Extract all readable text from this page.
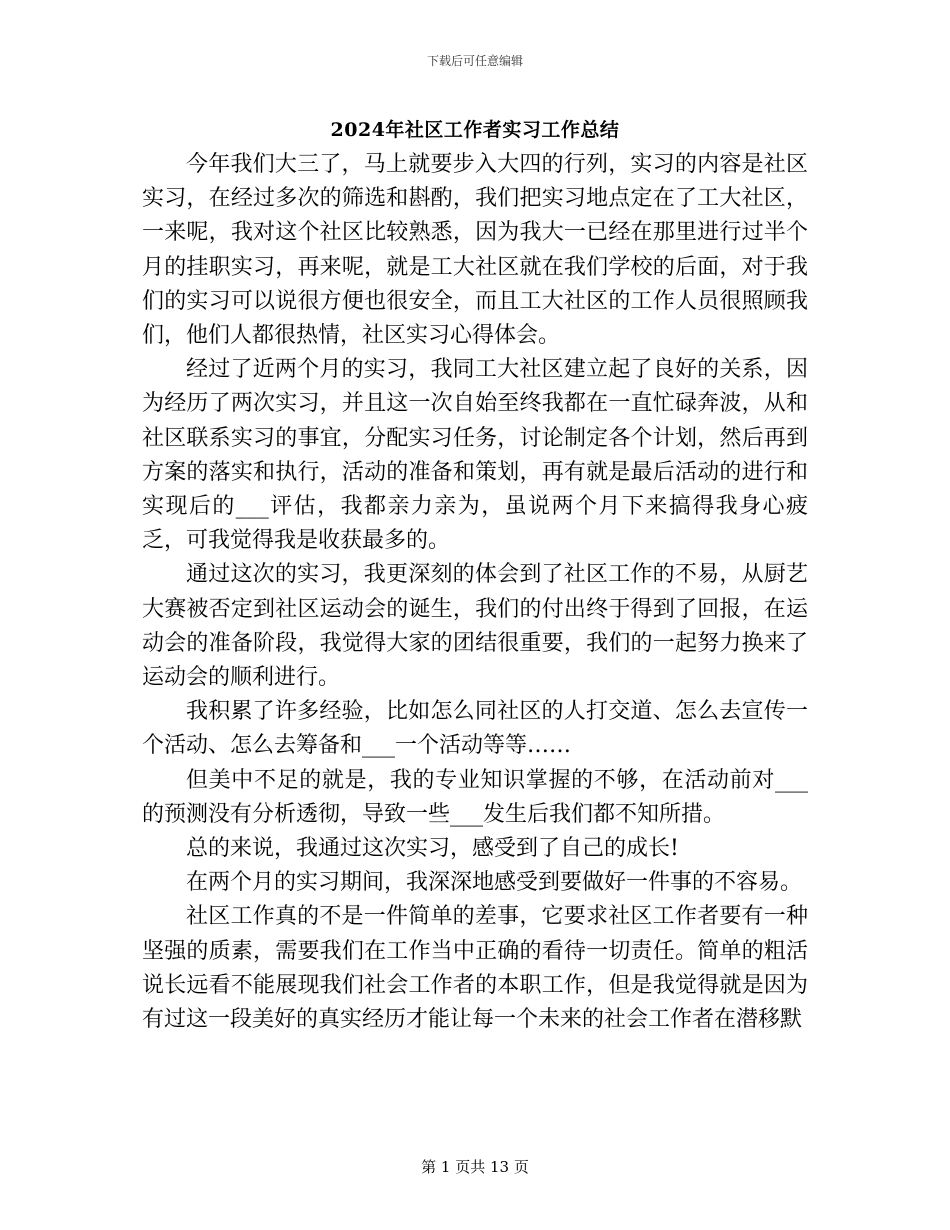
下载后可任意编辑
2024年社区工作者实习工作总结

今年我们大三了，马上就要步入大四的行列，实习的内容是社区实习，在经过多次的筛选和斟酌，我们把实习地点定在了工大社区，一来呢，我对这个社区比较熟悉，因为我大一已经在那里进行过半个月的挂职实习，再来呢，就是工大社区就在我们学校的后面，对于我们的实习可以说很方便也很安全，而且工大社区的工作人员很照顾我们，他们人都很热情，社区实习心得体会。

经过了近两个月的实习，我同工大社区建立起了良好的关系，因为经历了两次实习，并且这一次自始至终我都在一直忙碌奔波，从和社区联系实习的事宜，分配实习任务，讨论制定各个计划，然后再到方案的落实和执行，活动的准备和策划，再有就是最后活动的进行和实现后的___评估，我都亲力亲为，虽说两个月下来搞得我身心疲乏，可我觉得我是收获最多的。

通过这次的实习，我更深刻的体会到了社区工作的不易，从厨艺大赛被否定到社区运动会的诞生，我们的付出终于得到了回报，在运动会的准备阶段，我觉得大家的团结很重要，我们的一起努力换来了运动会的顺利进行。

我积累了许多经验，比如怎么同社区的人打交道、怎么去宣传一个活动、怎么去筹备和___一个活动等等……

但美中不足的就是，我的专业知识掌握的不够，在活动前对___的预测没有分析透彻，导致一些___发生后我们都不知所措。

总的来说，我通过这次实习，感受到了自己的成长!

在两个月的实习期间，我深深地感受到要做好一件事的不容易。

社区工作真的不是一件简单的差事，它要求社区工作者要有一种坚强的质素，需要我们在工作当中正确的看待一切责任。简单的粗活说长远看不能展现我们社会工作者的本职工作，但是我觉得就是因为有过这一段美好的真实经历才能让每一个未来的社会工作者在潜移默

第 1 页共 13 页
